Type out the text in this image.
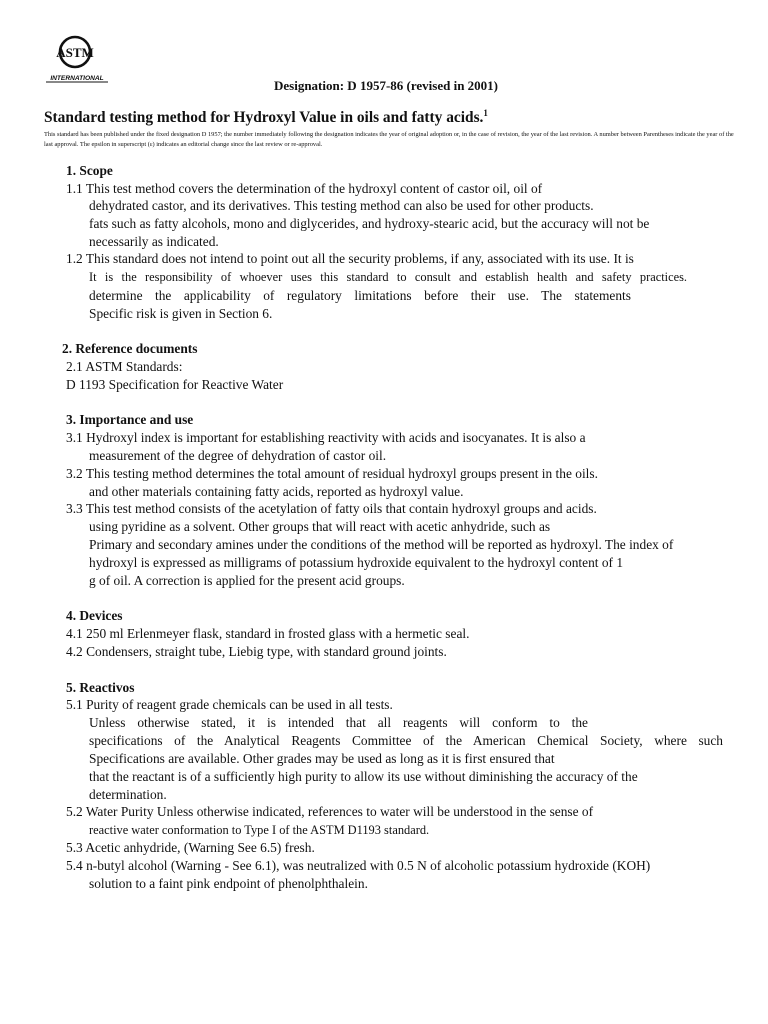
ASTM
INTERNATIONAL	Designation: D 1957-86 (revised in 2001)
Standard testing method for Hydroxyl Value in oils and fatty acids.$^1$
This standard has been published under the fixed designation D 1957; the number immediately following the designation indicates the year of original adoption or, in the case of revision, the year of the last revision. A number between Parentheses indicate the year of the last approval. The epsilon in superscript (ε) indicates an editorial change since the last review or re-approval.
1. Scope
1.1 This test method covers the determination of the hydroxyl content of castor oil, oil of
dehydrated castor, and its derivatives. This testing method can also be used for other products.
fats such as fatty alcohols, mono and diglycerides, and hydroxy-stearic acid, but the accuracy will not be
necessarily as indicated.
1.2 This standard does not intend to point out all the security problems, if any, associated with its use. It is
It is the responsibility of whoever uses this standard to consult and establish health and safety practices.
determine the applicability of regulatory limitations before their use. The statements
Specific risk is given in Section 6.
2. Reference documents
2.1 ASTM Standards:
D 1193 Specification for Reactive Water
3. Importance and use
3.1 Hydroxyl index is important for establishing reactivity with acids and isocyanates. It is also a
measurement of the degree of dehydration of castor oil.
3.2 This testing method determines the total amount of residual hydroxyl groups present in the oils.
and other materials containing fatty acids, reported as hydroxyl value.
3.3 This test method consists of the acetylation of fatty oils that contain hydroxyl groups and acids.
using pyridine as a solvent. Other groups that will react with acetic anhydride, such as
Primary and secondary amines under the conditions of the method will be reported as hydroxyl. The index of
hydroxyl is expressed as milligrams of potassium hydroxide equivalent to the hydroxyl content of 1
g of oil. A correction is applied for the present acid groups.
4. Devices
4.1 250 ml Erlenmeyer flask, standard in frosted glass with a hermetic seal.
4.2 Condensers, straight tube, Liebig type, with standard ground joints.
5. Reactivos
5.1 Purity of reagent grade chemicals can be used in all tests.
Unless otherwise stated, it is intended that all reagents will conform to the
specifications of the Analytical Reagents Committee of the American Chemical Society, where such
Specifications are available. Other grades may be used as long as it is first ensured that
that the reactant is of a sufficiently high purity to allow its use without diminishing the accuracy of the
determination.
5.2 Water Purity Unless otherwise indicated, references to water will be understood in the sense of
reactive water conformation to Type I of the ASTM D1193 standard.
5.3 Acetic anhydride, (Warning See 6.5) fresh.
5.4 n-butyl alcohol (Warning - See 6.1), was neutralized with 0.5 N of alcoholic potassium hydroxide (KOH)
solution to a faint pink endpoint of phenolphthalein.
